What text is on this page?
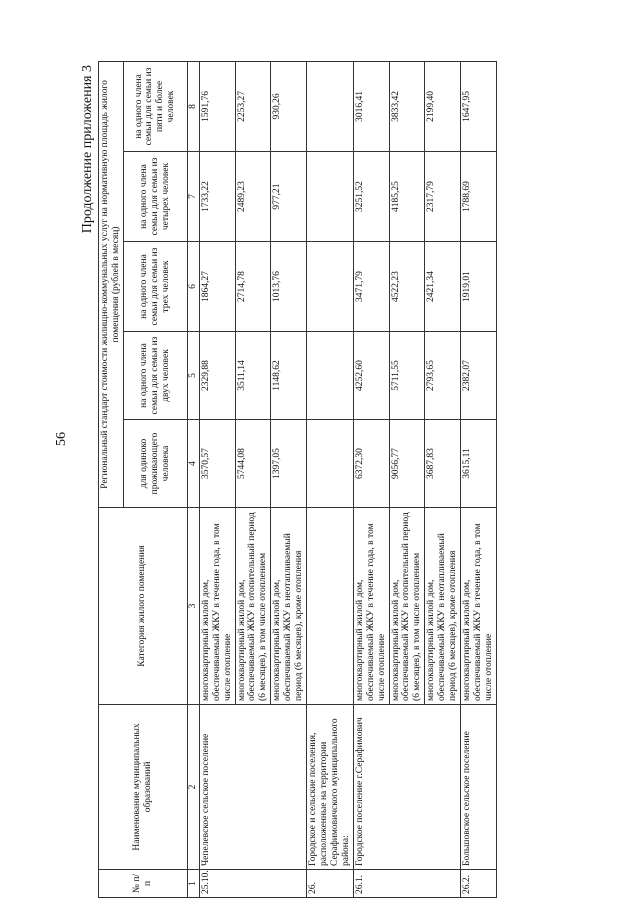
56
Продолжение приложения 3
№ п/п	Наименование муниципальных образований	Категория жилого помещения	Региональный стандарт стоимости жилищно-коммунальных услуг на нормативную площадь жилого помещения (рублей в месяц)				
			для одиноко проживающего человека	на одного члена семьи для семьи из двух человек	на одного члена семьи для семьи из трех человек	на одного члена семьи для семьи из четырех человек	на одного члена семьи для семьи из пяти и более человек
1	2	3	4	5	6	7	8
25.10.	Чепелевское сельское поселение	многоквартирный жилой дом, обеспечиваемый ЖКУ в течение года, в том числе отопление	3570,57	2329,88	1864,27	1733,22	1591,76
		многоквартирный жилой дом, обеспечиваемый ЖКУ в отопительный период (6 месяцев), в том числе отоплением	5744,08	3511,14	2714,78	2489,23	2253,27
		многоквартирный жилой дом, обеспечиваемый ЖКУ в неотапливаемый период (6 месяцев), кроме отопления	1397,05	1148,62	1013,76	977,21	930,26
26.	Городское и сельские поселения, расположенные на территории Серафимовичского муниципального района:						
26.1.	Городское поселение г.Серафимович	многоквартирный жилой дом, обеспечиваемый ЖКУ в течение года, в том числе отопление	6372,30	4252,60	3471,79	3251,52	3016,41
		многоквартирный жилой дом, обеспечиваемый ЖКУ в отопительный период (6 месяцев), в том числе отоплением	9056,77	5711,55	4522,23	4185,25	3833,42
		многоквартирный жилой дом, обеспечиваемый ЖКУ в неотапливаемый период (6 месяцев), кроме отопления	3687,83	2793,65	2421,34	2317,79	2199,40
26.2.	Большовское сельское поселение	многоквартирный жилой дом, обеспечиваемый ЖКУ в течение года, в том числе отопление	3615,11	2382,07	1919,01	1788,69	1647,95
